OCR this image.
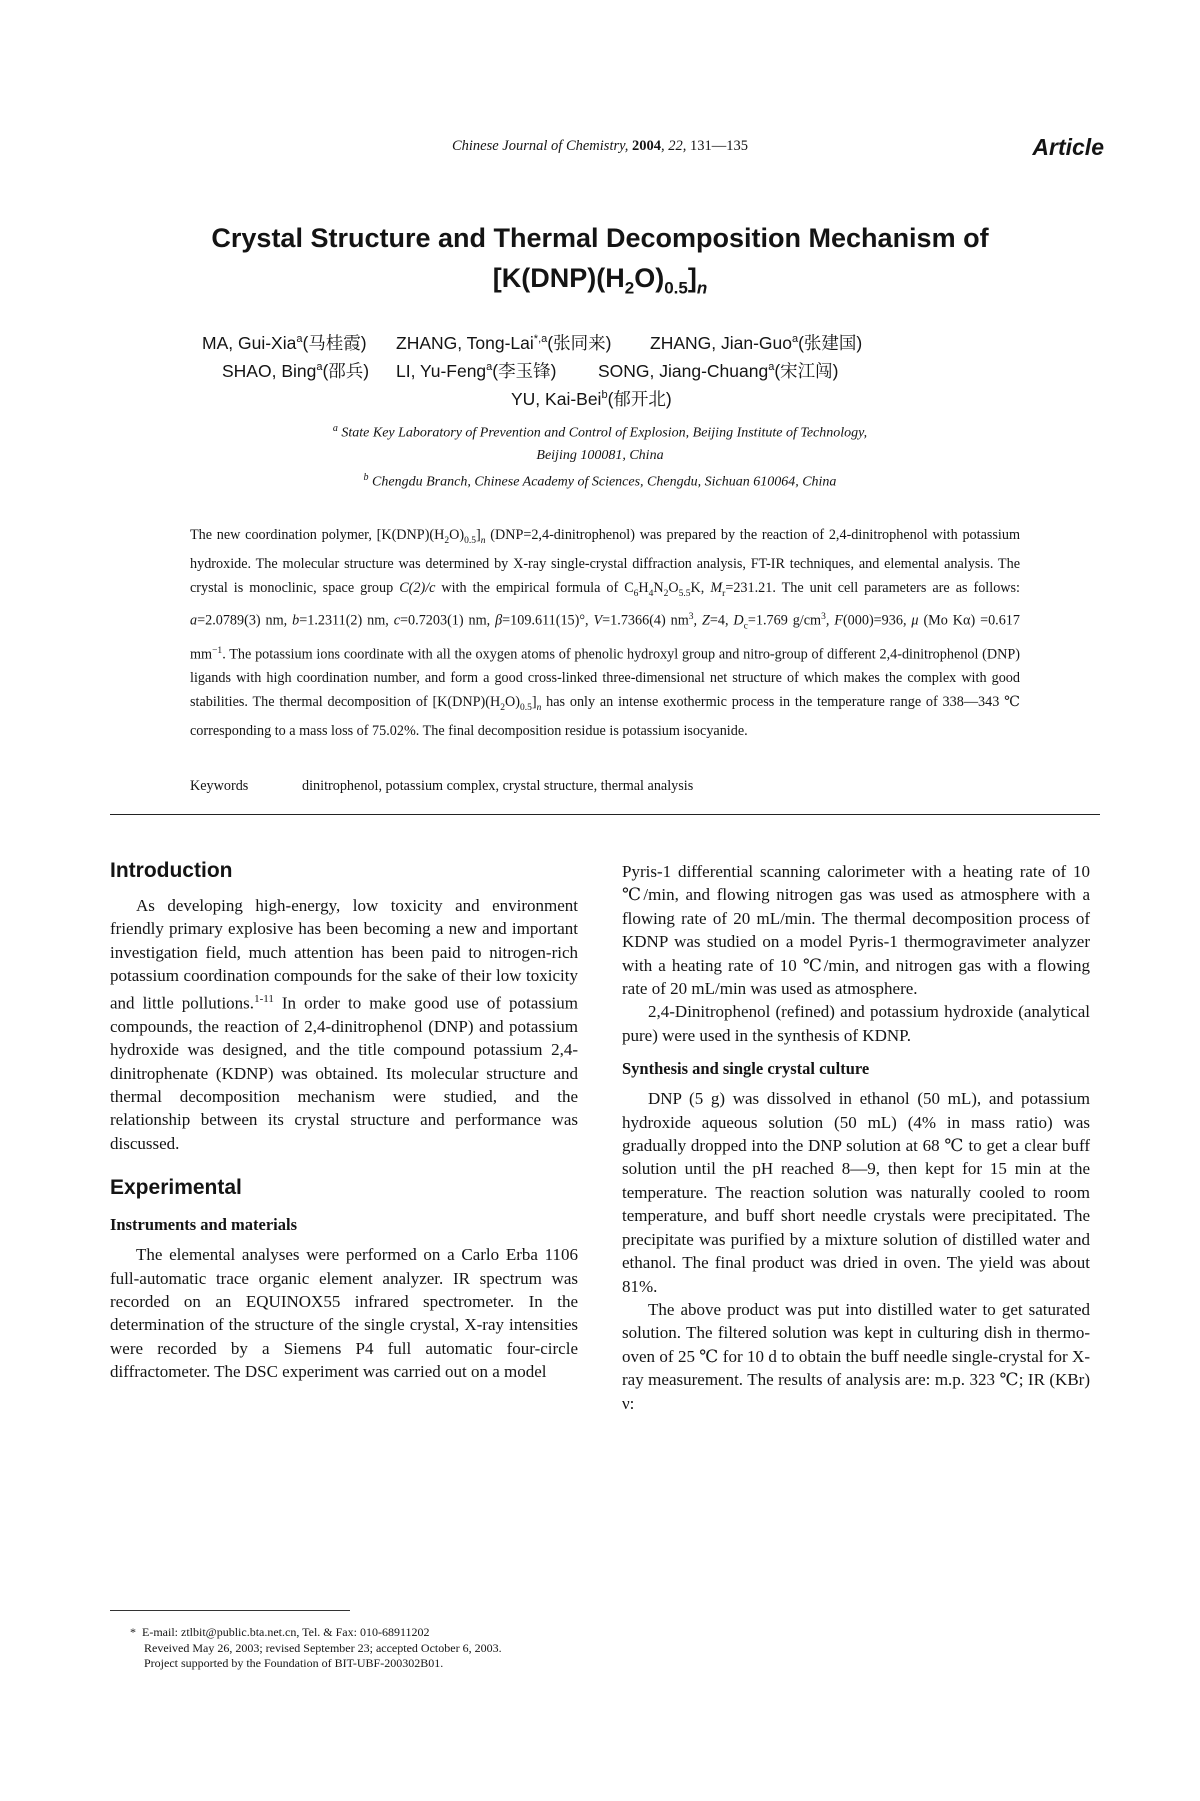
Chinese Journal of Chemistry, 2004, 22, 131—135	Article
Crystal Structure and Thermal Decomposition Mechanism of
$[K(DNP)(H_2O)_{0.5}]_n$
MA, Gui-Xia$^a$(马桂霞) ZHANG, Tong-Lai$^{*,a}$(张同来) ZHANG, Jian-Guo$^a$(张建国)
SHAO, Bing$^a$(邵兵) LI, Yu-Feng$^a$(李玉锋) SONG, Jiang-Chuang$^a$(宋江闯)
YU, Kai-Bei$^b$(郁开北)
$^a$ State Key Laboratory of Prevention and Control of Explosion, Beijing Institute of Technology,
Beijing 100081, China
$^b$ Chengdu Branch, Chinese Academy of Sciences, Chengdu, Sichuan 610064, China
The new coordination polymer, $[K(DNP)(H_2O)_{0.5}]_n$ (DNP=2,4-dinitrophenol) was prepared by the reaction of 2,4-dinitrophenol with potassium hydroxide. The molecular structure was determined by X-ray single-crystal diffraction analysis, FT-IR techniques, and elemental analysis. The crystal is monoclinic, space group C(2)/c with the empirical formula of $C_6H_4N_2O_{5.5}K$, $M_r=231.21$. The unit cell parameters are as follows: a=2.0789(3) nm, b=1.2311(2) nm, c=0.7203(1) nm, β=109.611(15)°, V=1.7366(4) $nm^3$, Z=4, $D_c=1.769$ $g/cm^3$, F(000)=936, μ (Mo Kα) =0.617 $mm^{-1}$. The potassium ions coordinate with all the oxygen atoms of phenolic hydroxyl group and nitro-group of different 2,4-dinitrophenol (DNP) ligands with high coordination number, and form a good cross-linked three-dimensional net structure of which makes the complex with good stabilities. The thermal decomposition of $[K(DNP)(H_2O)_{0.5}]_n$ has only an intense exothermic process in the temperature range of 338—343 ℃ corresponding to a mass loss of 75.02%. The final decomposition residue is potassium isocyanide.
Keywords	dinitrophenol, potassium complex, crystal structure, thermal analysis
Introduction

As developing high-energy, low toxicity and environment friendly primary explosive has been becoming a new and important investigation field, much attention has been paid to nitrogen-rich potassium coordination compounds for the sake of their low toxicity and little pollutions.$^{1-11}$ In order to make good use of potassium compounds, the reaction of 2,4-dinitrophenol (DNP) and potassium hydroxide was designed, and the title compound potassium 2,4-dinitrophenate (KDNP) was obtained. Its molecular structure and thermal decomposition mechanism were studied, and the relationship between its crystal structure and performance was discussed.

Experimental
Instruments and materials

The elemental analyses were performed on a Carlo Erba 1106 full-automatic trace organic element analyzer. IR spectrum was recorded on an EQUINOX55 infrared spectrometer. In the determination of the structure of the single crystal, X-ray intensities were recorded by a Siemens P4 full automatic four-circle diffractometer. The DSC experiment was carried out on a model

Pyris-1 differential scanning calorimeter with a heating rate of 10 ℃/min, and flowing nitrogen gas was used as atmosphere with a flowing rate of 20 mL/min. The thermal decomposition process of KDNP was studied on a model Pyris-1 thermogravimeter analyzer with a heating rate of 10 ℃/min, and nitrogen gas with a flowing rate of 20 mL/min was used as atmosphere.

2,4-Dinitrophenol (refined) and potassium hydroxide (analytical pure) were used in the synthesis of KDNP.

Synthesis and single crystal culture

DNP (5 g) was dissolved in ethanol (50 mL), and potassium hydroxide aqueous solution (50 mL) (4% in mass ratio) was gradually dropped into the DNP solution at 68 ℃ to get a clear buff solution until the pH reached 8—9, then kept for 15 min at the temperature. The reaction solution was naturally cooled to room temperature, and buff short needle crystals were precipitated. The precipitate was purified by a mixture solution of distilled water and ethanol. The final product was dried in oven. The yield was about 81%.

The above product was put into distilled water to get saturated solution. The filtered solution was kept in culturing dish in thermo-oven of 25 ℃ for 10 d to obtain the buff needle single-crystal for X-ray measurement. The results of analysis are: m.p. 323 ℃; IR (KBr) ν:

* E-mail: ztlbit@public.bta.net.cn, Tel. & Fax: 010-68911202
Reveived May 26, 2003; revised September 23; accepted October 6, 2003.
Project supported by the Foundation of BIT-UBF-200302B01.
